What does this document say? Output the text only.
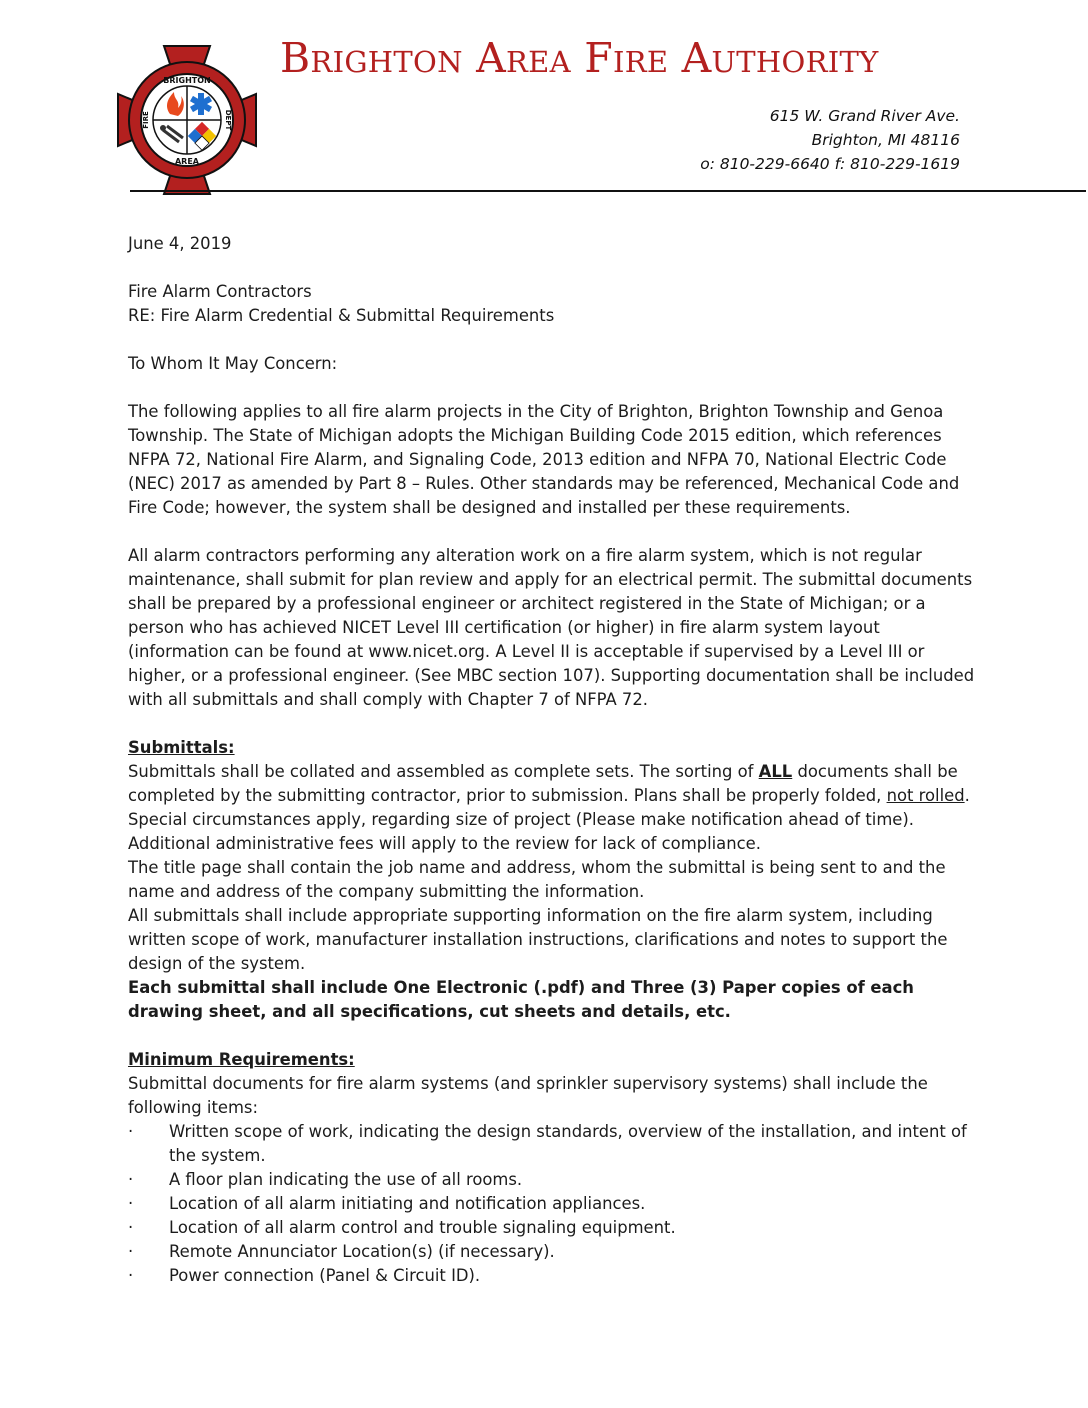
BRIGHTON
AREA
FIRE	DEPT
Brighton Area Fire Authority
615 W. Grand River Ave.
Brighton, MI 48116
o: 810-229-6640 f: 810-229-1619

June 4, 2019

Fire Alarm Contractors

RE: Fire Alarm Credential & Submittal Requirements

To Whom It May Concern:

The following applies to all fire alarm projects in the City of Brighton, Brighton Township and Genoa Township. The State of Michigan adopts the Michigan Building Code 2015 edition, which references NFPA 72, National Fire Alarm, and Signaling Code, 2013 edition and NFPA 70, National Electric Code (NEC) 2017 as amended by Part 8 – Rules. Other standards may be referenced, Mechanical Code and Fire Code; however, the system shall be designed and installed per these requirements.

All alarm contractors performing any alteration work on a fire alarm system, which is not regular maintenance, shall submit for plan review and apply for an electrical permit. The submittal documents shall be prepared by a professional engineer or architect registered in the State of Michigan; or a person who has achieved NICET Level III certification (or higher) in fire alarm system layout (information can be found at www.nicet.org. A Level II is acceptable if supervised by a Level III or higher, or a professional engineer. (See MBC section 107). Supporting documentation shall be included with all submittals and shall comply with Chapter 7 of NFPA 72.

Submittals:

Submittals shall be collated and assembled as complete sets. The sorting of ALL documents shall be completed by the submitting contractor, prior to submission. Plans shall be properly folded, not rolled. Special circumstances apply, regarding size of project (Please make notification ahead of time). Additional administrative fees will apply to the review for lack of compliance.

The title page shall contain the job name and address, whom the submittal is being sent to and the name and address of the company submitting the information.

All submittals shall include appropriate supporting information on the fire alarm system, including written scope of work, manufacturer installation instructions, clarifications and notes to support the design of the system.

Each submittal shall include One Electronic (.pdf) and Three (3) Paper copies of each drawing sheet, and all specifications, cut sheets and details, etc.

Minimum Requirements:

Submittal documents for fire alarm systems (and sprinkler supervisory systems) shall include the following items:

· Written scope of work, indicating the design standards, overview of the installation, and intent of the system.

· A floor plan indicating the use of all rooms.

· Location of all alarm initiating and notification appliances.

· Location of all alarm control and trouble signaling equipment.

· Remote Annunciator Location(s) (if necessary).

· Power connection (Panel & Circuit ID).
